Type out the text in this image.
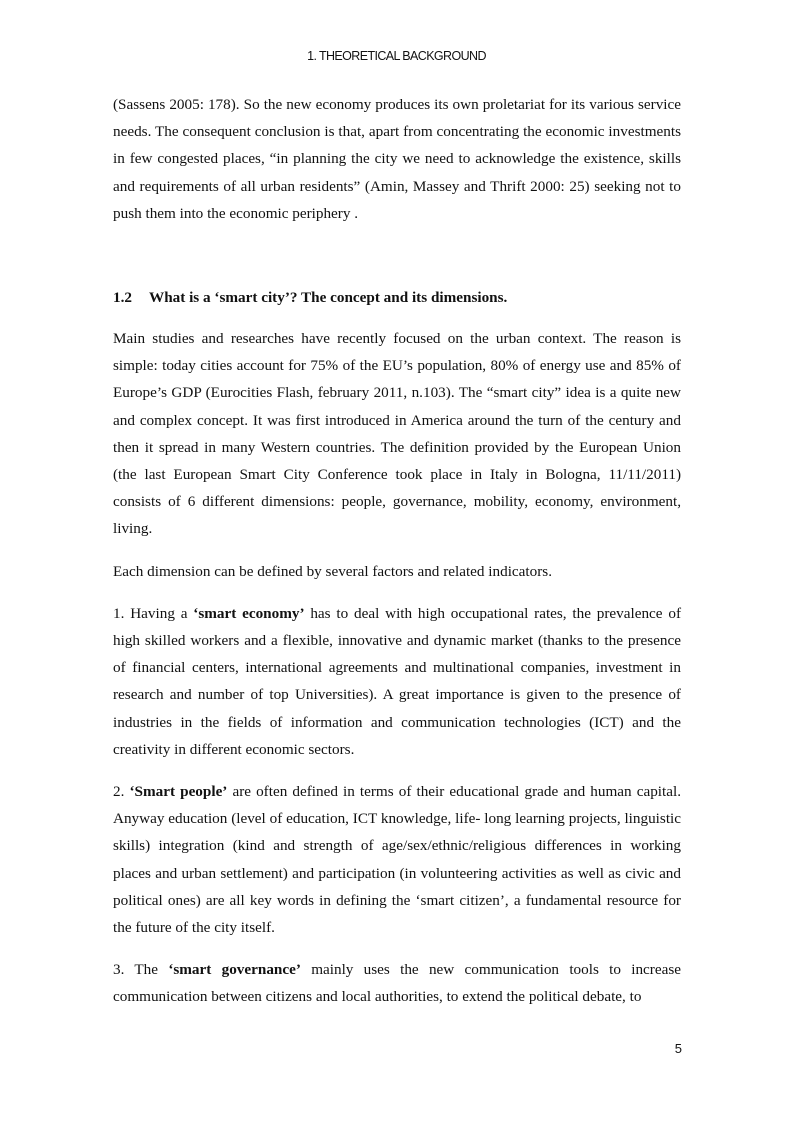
1. THEORETICAL BACKGROUND

(Sassens 2005: 178). So the new economy produces its own proletariat for its various service needs. The consequent conclusion is that, apart from concentrating the economic investments in few congested places, “in planning the city we need to acknowledge the existence, skills and requirements of all urban residents” (Amin, Massey and Thrift 2000: 25) seeking not to push them into the economic periphery .

1.2 What is a ‘smart city’? The concept and its dimensions.

Main studies and researches have recently focused on the urban context. The reason is simple: today cities account for 75% of the EU’s population, 80% of energy use and 85% of Europe’s GDP (Eurocities Flash, february 2011, n.103). The “smart city” idea is a quite new and complex concept. It was first introduced in America around the turn of the century and then it spread in many Western countries. The definition provided by the European Union (the last European Smart City Conference took place in Italy in Bologna, 11/11/2011) consists of 6 different dimensions: people, governance, mobility, economy, environment, living.

Each dimension can be defined by several factors and related indicators.

1. Having a ‘smart economy’ has to deal with high occupational rates, the prevalence of high skilled workers and a flexible, innovative and dynamic market (thanks to the presence of financial centers, international agreements and multinational companies, investment in research and number of top Universities). A great importance is given to the presence of industries in the fields of information and communication technologies (ICT) and the creativity in different economic sectors.

2. ‘Smart people’ are often defined in terms of their educational grade and human capital. Anyway education (level of education, ICT knowledge, life- long learning projects, linguistic skills) integration (kind and strength of age/sex/ethnic/religious differences in working places and urban settlement) and participation (in volunteering activities as well as civic and political ones) are all key words in defining the ‘smart citizen’, a fundamental resource for the future of the city itself.

3. The ‘smart governance’ mainly uses the new communication tools to increase communication between citizens and local authorities, to extend the political debate, to

5
